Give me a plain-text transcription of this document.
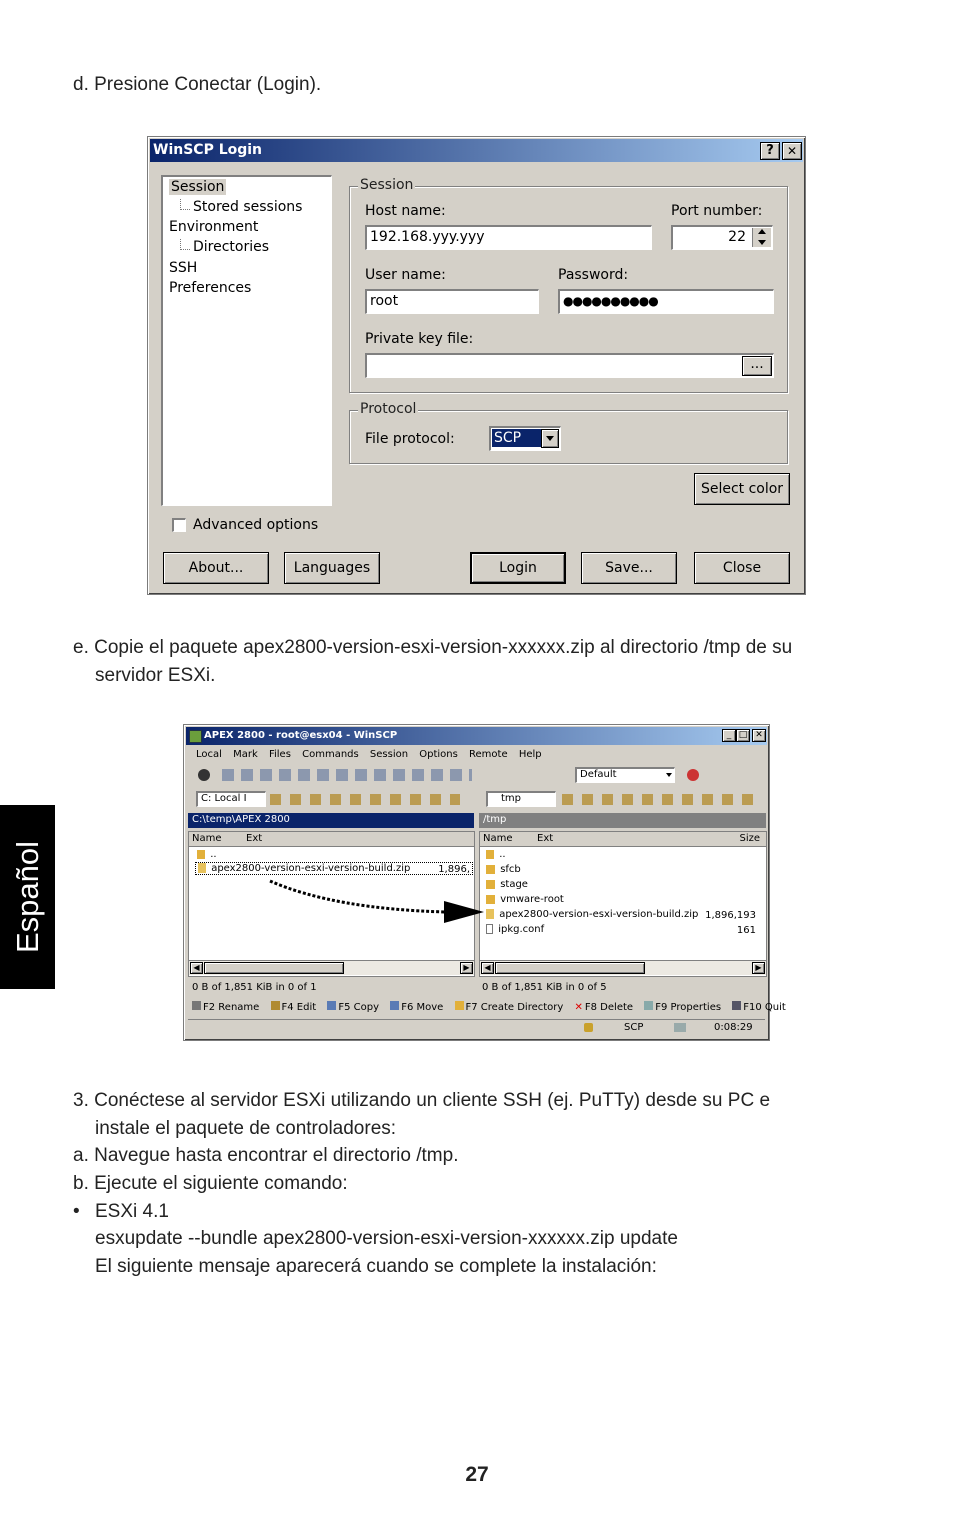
d. Presione Conectar (Login).
WinSCP Login	?	✕
Session
Stored sessions
Environment
Directories
SSH
Preferences
Session
Host name:
192.168.yyy.yyy
Port number:
22
User name:
root
Password:
●●●●●●●●●●
Private key file:
...
Protocol
File protocol:	SCP
Select color
Advanced options
About...	Languages	Login	Save...	Close
e. Copie el paquete apex2800-version-esxi-version-xxxxxx.zip al directorio /tmp de su
servidor ESXi.
APEX 2800 - root@esx04 - WinSCP	_ □ ✕
Local Mark Files Commands Session Options Remote Help
Default
C: Local I	tmp
C:\temp\APEX 2800	/tmp
Name Ext
..
apex2800-version-esxi-version-build.zip	1,896,
◀	▶
Name Ext	Size
..
sfcb
stage
vmware-root
apex2800-version-esxi-version-build.zip 1,896,193
ipkg.conf	161
◀	▶
0 B of 1,851 KiB in 0 of 1	0 B of 1,851 KiB in 0 of 5
F2 Rename F4 Edit F5 Copy F6 Move F7 Create Directory ✕ F8 Delete F9 Properties F10 Quit
SCP	0:08:29
3. Conéctese al servidor ESXi utilizando un cliente SSH (ej. PuTTy) desde su PC e
instale el paquete de controladores:
a. Navegue hasta encontrar el directorio /tmp.
b. Ejecute el siguiente comando:
• ESXi 4.1
esxupdate --bundle apex2800-version-esxi-version-xxxxxx.zip update
El siguiente mensaje aparecerá cuando se complete la instalación:
Español
27
